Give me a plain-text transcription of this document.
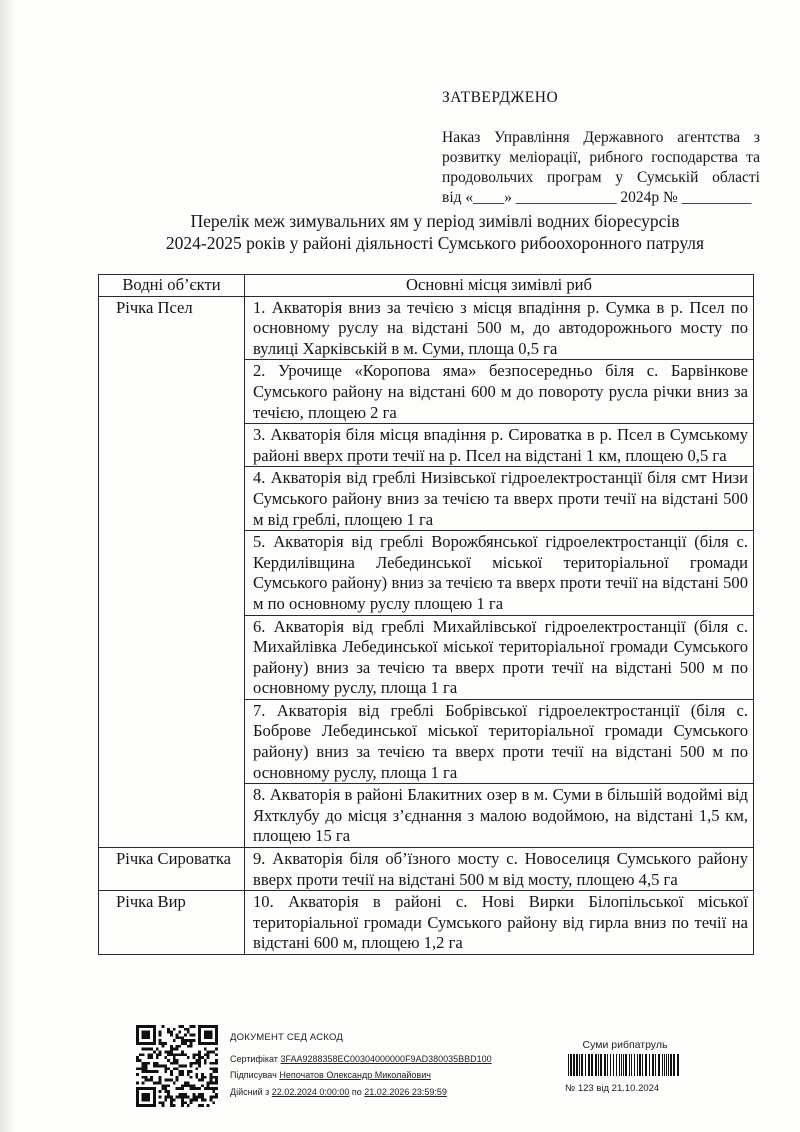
ЗАТВЕРДЖЕНО
Наказ Управління Державного агентства з
розвитку меліорації, рибного господарства та
продовольчих програм у Сумській області
від «____» _____________ 2024р № _________
Перелік меж зимувальних ям у період зимівлі водних біоресурсів
2024-2025 років у районі діяльності Сумського рибоохоронного патруля
Водні об’єкти	Основні місця зимівлі риб
Річка Псел	1. Акваторія вниз за течією з місця впадіння р. Сумка в р. Псел по основному руслу на відстані 500 м, до автодорожнього мосту по вулиці Харківській в м. Суми, площа 0,5 га
	2. Урочище «Коропова яма» безпосередньо біля с. Барвінкове Сумського району на відстані 600 м до повороту русла річки вниз за течією, площею 2 га
	3. Акваторія біля місця впадіння р. Сироватка в р. Псел в Сумському районі вверх проти течії на р. Псел на відстані 1 км, площею 0,5 га
	4. Акваторія від греблі Низівської гідроелектростанції біля смт Низи Сумського району вниз за течією та вверх проти течії на відстані 500 м від греблі, площею 1 га
	5. Акваторія від греблі Ворожбянської гідроелектростанції (біля с. Кердилівщина Лебединської міської територіальної громади Сумського району) вниз за течією та вверх проти течії на відстані 500 м по основному руслу площею 1 га
	6. Акваторія від греблі Михайлівської гідроелектростанції (біля с. Михайлівка Лебединської міської територіальної громади Сумського району) вниз за течією та вверх проти течії на відстані 500 м по основному руслу, площа 1 га
	7. Акваторія від греблі Бобрівської гідроелектростанції (біля с. Боброве Лебединської міської територіальної громади Сумського району) вниз за течією та вверх проти течії на відстані 500 м по основному руслу, площа 1 га
	8. Акваторія в районі Блакитних озер в м. Суми в більшій водоймі від Яхтклубу до місця з’єднання з малою водоймою, на відстані 1,5 км, площею 15 га
Річка Сироватка	9. Акваторія біля об’їзного мосту с. Новоселиця Сумського району вверх проти течії на відстані 500 м від мосту, площею 4,5 га
Річка Вир	10. Акваторія в районі с. Нові Вирки Білопільської міської територіальної громади Сумського району від гирла вниз по течії на відстані 600 м, площею 1,2 га
ДОКУМЕНТ СЕД АСКОД
Сертифікат 3FAA9288358EC00304000000F9AD380035BBD100
Підписувач Непочатов Олександр Миколайович
Дійсний з 22.02.2024 0:00:00 по 21.02.2026 23:59:59
Суми рибпатруль
№ 123 від 21.10.2024
